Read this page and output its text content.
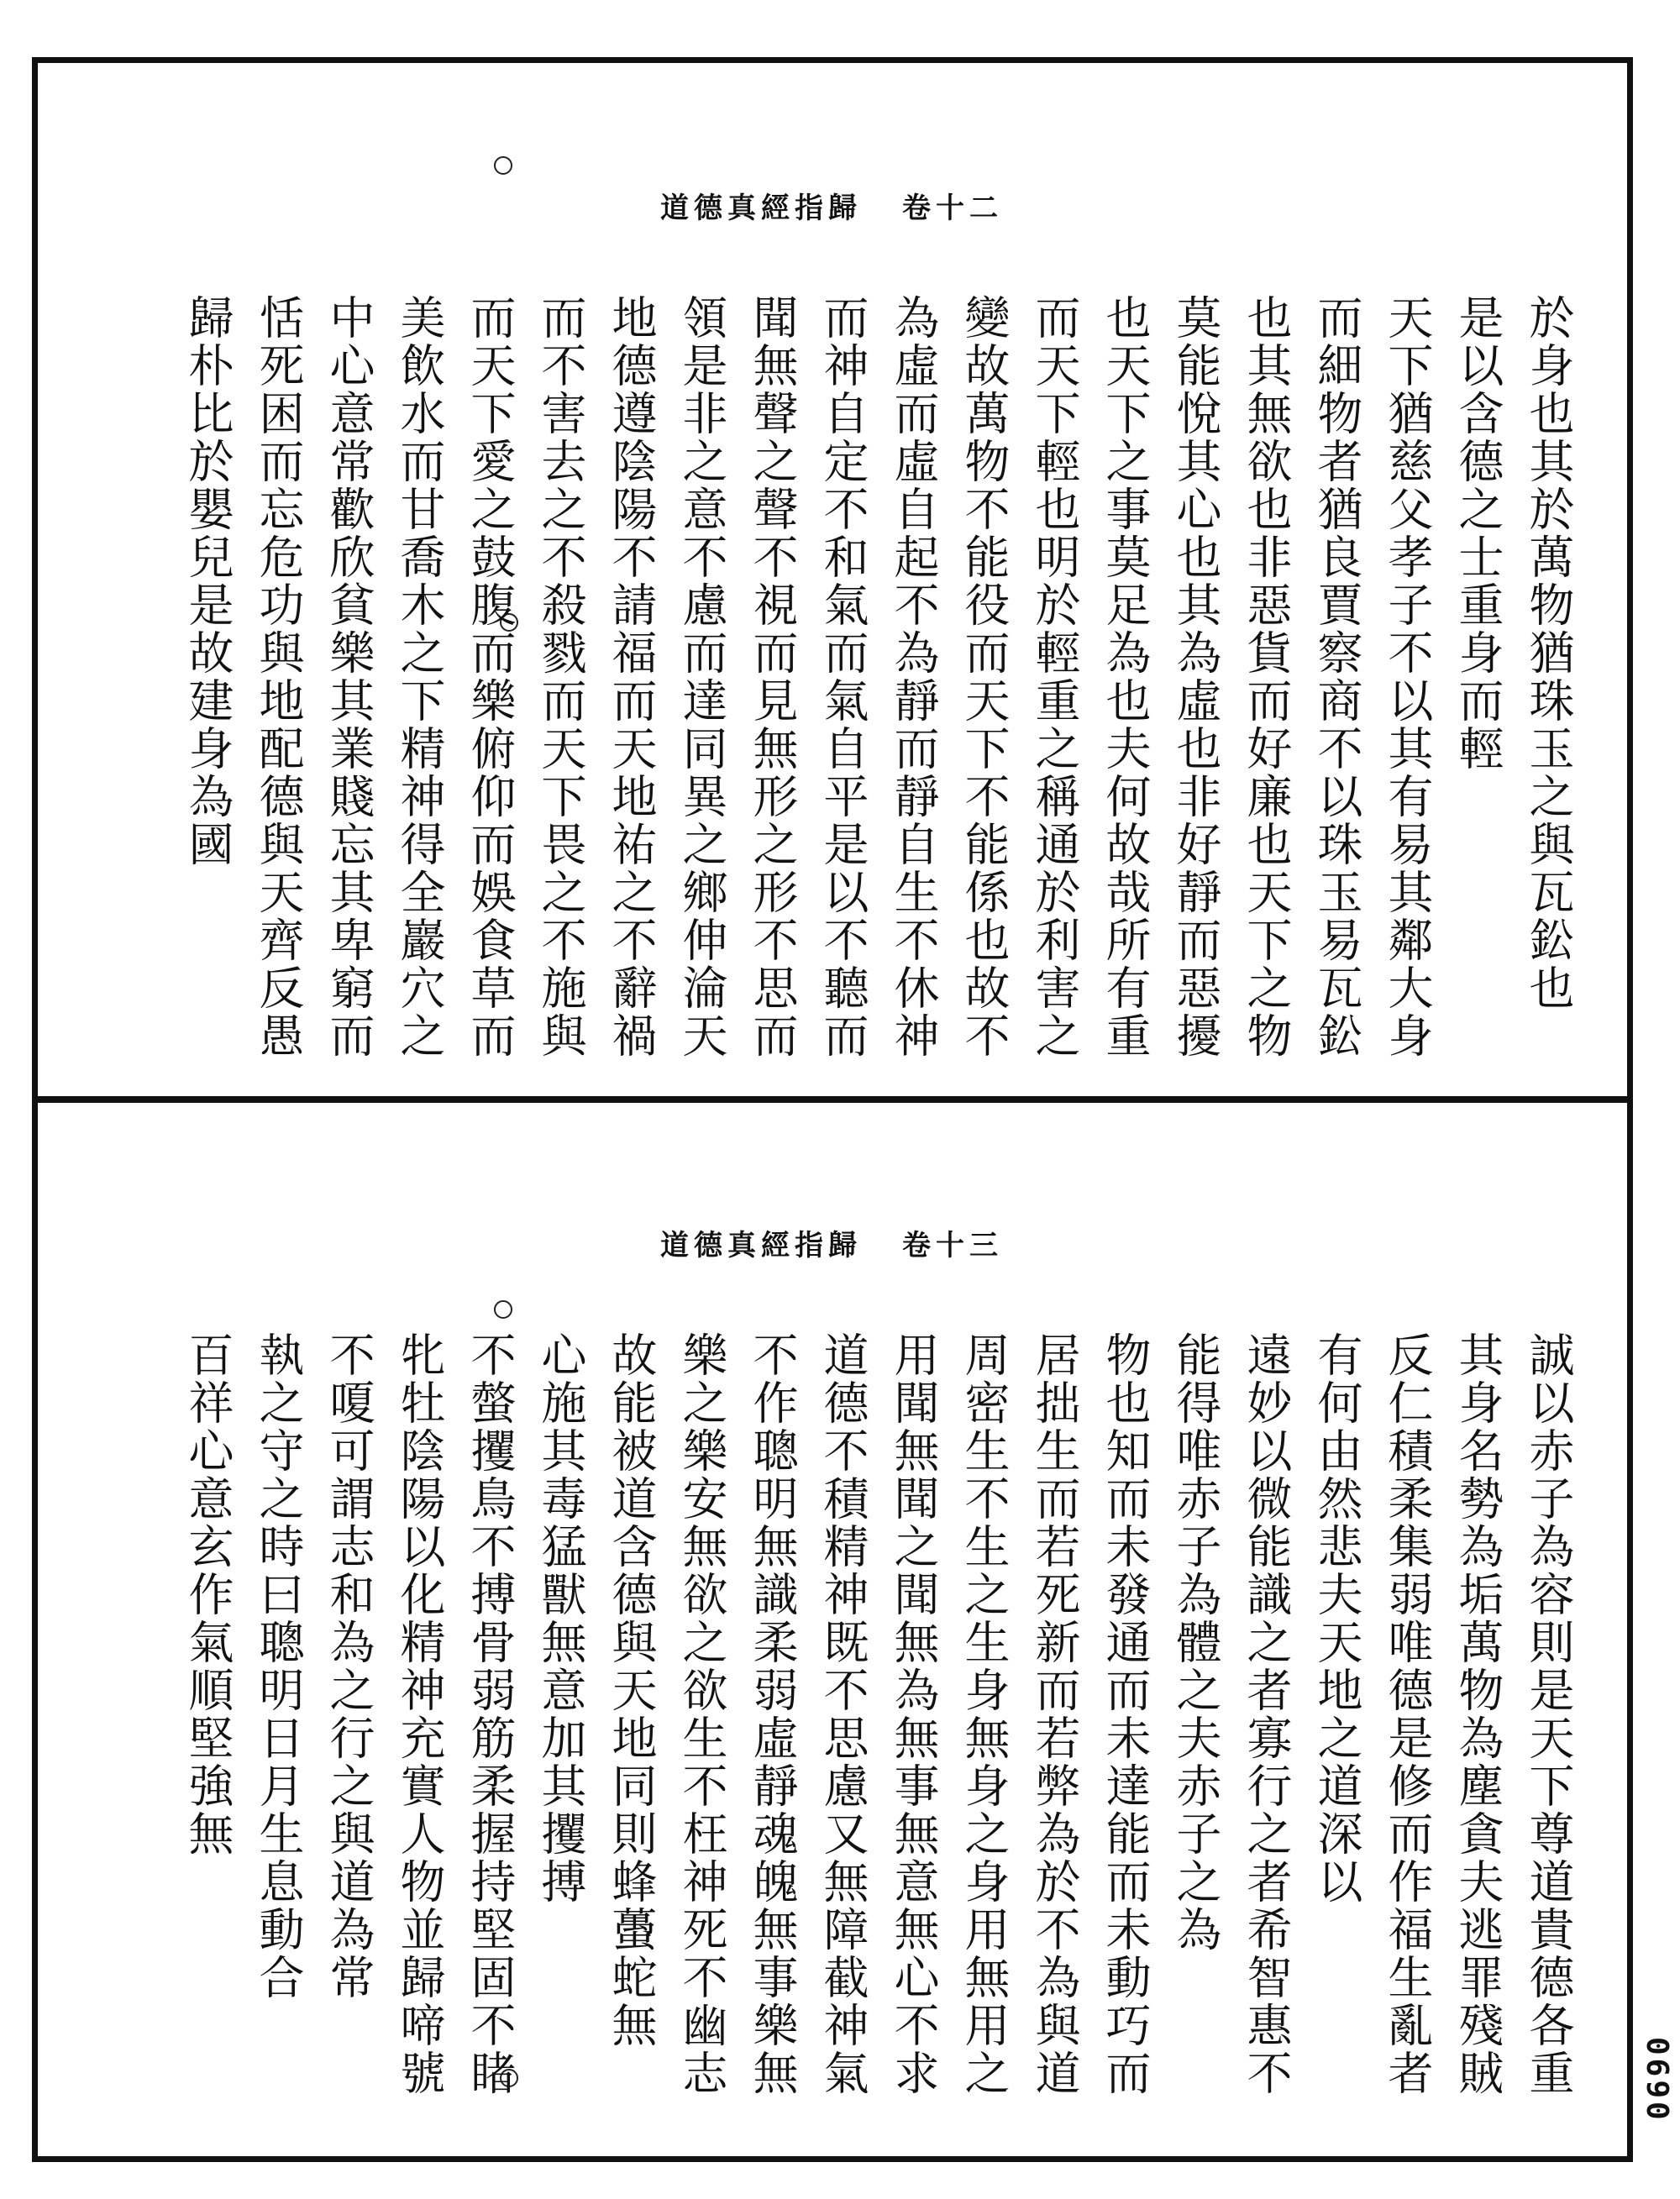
道德真經指歸 卷十二
於身也其於萬物猶珠玉之與瓦鈆也
是以含德之士重身而輕
天下猶慈父孝子不以其有易其鄰大身
而細物者猶良賈察商不以珠玉易瓦鈆
也其無欲也非惡貨而好廉也天下之物
莫能悅其心也其為虛也非好靜而惡擾
也天下之事莫足為也夫何故哉所有重
而天下輕也明於輕重之稱通於利害之
變故萬物不能役而天下不能係也故不
為虛而虛自起不為靜而靜自生不休神
而神自定不和氣而氣自平是以不聽而
聞無聲之聲不視而見無形之形不思而
領是非之意不慮而達同異之鄉伸淪天
地德遵陰陽不請福而天地祐之不辭禍
而不害去之不殺戮而天下畏之不施與
而天下愛之鼓腹而樂俯仰而娛食草而
美飲水而甘喬木之下精神得全巖穴之
中心意常歡欣貧樂其業賤忘其卑窮而
恬死困而忘危功與地配德與天齊反愚
歸朴比於嬰兒是故建身為國
道德真經指歸 卷十三
誠以赤子為容則是天下尊道貴德各重
其身名勢為垢萬物為塵貪夫逃罪殘賊
反仁積柔集弱唯德是修而作福生亂者
有何由然悲夫天地之道深以
遠妙以微能識之者寡行之者希智惠不
能得唯赤子為體之夫赤子之為
物也知而未發通而未達能而未動巧而
居拙生而若死新而若弊為於不為與道
周密生不生之生身無身之身用無用之
用聞無聞之聞無為無事無意無心不求
道德不積精神既不思慮又無障截神氣
不作聰明無識柔弱虛靜魂魄無事樂無
樂之樂安無欲之欲生不枉神死不幽志
故能被道含德與天地同則蜂蠆蛇無
心施其毒猛獸無意加其攫搏
不螫攫鳥不搏骨弱筋柔握持堅固不睹
牝牡陰陽以化精神充實人物並歸啼號
不嗄可謂志和為之行之與道為常
執之守之時曰聰明日月生息動合
百祥心意玄作氣順堅強無
0690
